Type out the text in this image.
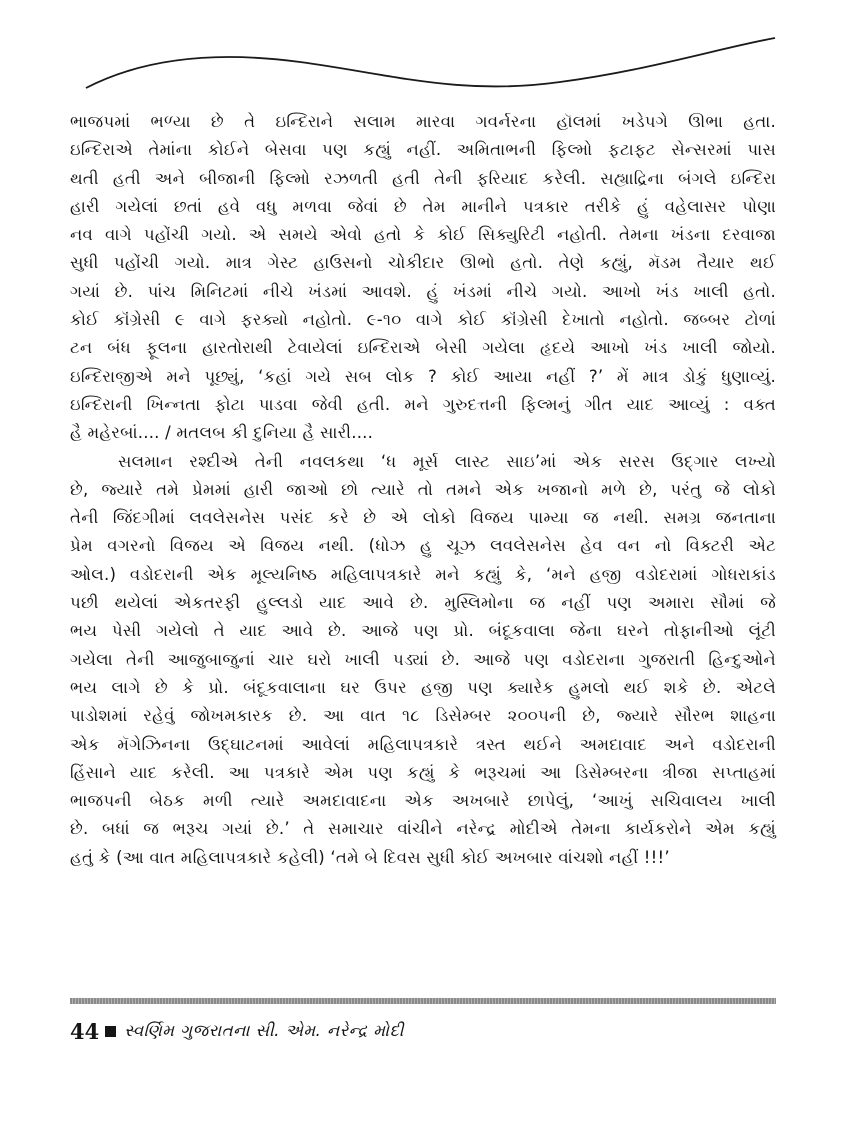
ભાજપમાં ભળ્યા છે તે ઇન્દિરાને સલામ મારવા ગવર્નરના હૉલમાં ખડેપગે ઊભા હતા.
ઇન્દિરાએ તેમાંના કોઈને બેસવા પણ કહ્યું નહીં. અમિતાભની ફિલ્મો ફટાફટ સેન્સરમાં પાસ
થતી હતી અને બીજાની ફિલ્મો રઝળતી હતી તેની ફરિયાદ કરેલી. સહ્યાદ્રિના બંગલે ઇન્દિરા
હારી ગયેલાં છતાં હવે વધુ મળવા જેવાં છે તેમ માનીને પત્રકાર તરીકે હું વહેલાસર પોણા
નવ વાગે પહોંચી ગયો. એ સમયે એવો હતો કે કોઈ સિક્યુરિટી નહોતી. તેમના ખંડના દરવાજા
સુધી પહોંચી ગયો. માત્ર ગેસ્ટ હાઉસનો ચોકીદાર ઊભો હતો. તેણે કહ્યું, મૅડમ તૈયાર થઈ
ગયાં છે. પાંચ મિનિટમાં નીચે ખંડમાં આવશે. હું ખંડમાં નીચે ગયો. આખો ખંડ ખાલી હતો.
કોઈ કૉંગ્રેસી ૯ વાગે ફરક્યો નહોતો. ૯-૧૦ વાગે કોઈ કૉંગ્રેસી દેખાતો નહોતો. જબ્બર ટોળાં
ટન બંધ ફૂલના હારતોરાથી ટેવાયેલાં ઇન્દિરાએ બેસી ગયેલા હૃદયે આખો ખંડ ખાલી જોયો.
ઇન્દિરાજીએ મને પૂછ્યું, ‘કહાં ગયે સબ લોક ? કોઈ આયા નહીં ?’ મેં માત્ર ડોકું ધુણાવ્યું.
ઇન્દિરાની ખિન્નતા ફોટા પાડવા જેવી હતી. મને ગુરુદત્તની ફિલ્મનું ગીત યાદ આવ્યું : વક્ત
હૈ મહેરબાં.... / મતલબ કી દુનિયા હૈ સારી....
સલમાન રશ્દીએ તેની નવલકથા ‘ધ મૂર્સ લાસ્ટ સાઇ’માં એક સરસ ઉદ્‌ગાર લખ્યો
છે, જ્યારે તમે પ્રેમમાં હારી જાઓ છો ત્યારે તો તમને એક ખજાનો મળે છે, પરંતુ જે લોકો
તેની જિંદગીમાં લવલેસનેસ પસંદ કરે છે એ લોકો વિજય પામ્યા જ નથી. સમગ્ર જનતાના
પ્રેમ વગરનો વિજય એ વિજય નથી. (ધોઝ હુ ચૂઝ લવલેસનેસ હેવ વન નો વિક્ટરી એટ
ઓલ.) વડોદરાની એક મૂલ્યનિષ્ઠ મહિલાપત્રકારે મને કહ્યું કે, ‘મને હજી વડોદરામાં ગોધરાકાંડ
પછી થયેલાં એકતરફી હુલ્લડો યાદ આવે છે. મુસ્લિમોના જ નહીં પણ અમારા સૌમાં જે
ભય પેસી ગયેલો તે યાદ આવે છે. આજે પણ પ્રો. બંદૂકવાલા જેના ઘરને તોફાનીઓ લૂંટી
ગયેલા તેની આજુબાજુનાં ચાર ઘરો ખાલી પડ્યાં છે. આજે પણ વડોદરાના ગુજરાતી હિન્દુઓને
ભય લાગે છે કે પ્રો. બંદૂકવાલાના ઘર ઉપર હજી પણ ક્યારેક હુમલો થઈ શકે છે. એટલે
પાડોશમાં રહેવું જોખમકારક છે. આ વાત ૧૮ ડિસેમ્બર ૨૦૦૫ની છે, જ્યારે સૌરભ શાહના
એક મૅગેઝિનના ઉદ્‌ઘાટનમાં આવેલાં મહિલાપત્રકારે ત્રસ્ત થઈને અમદાવાદ અને વડોદરાની
હિંસાને યાદ કરેલી. આ પત્રકારે એમ પણ કહ્યું કે ભરૂચમાં આ ડિસેમ્બરના ત્રીજા સપ્તાહમાં
ભાજપની બેઠક મળી ત્યારે અમદાવાદના એક અખબારે છાપેલું, ‘આખું સચિવાલય ખાલી
છે. બધાં જ ભરૂચ ગયાં છે.’ તે સમાચાર વાંચીને નરેન્દ્ર મોદીએ તેમના કાર્યકરોને એમ કહ્યું
હતું કે (આ વાત મહિલાપત્રકારે કહેલી) ‘તમે બે દિવસ સુધી કોઈ અખબાર વાંચશો નહીં !!!’
44 સ્વર્ણિમ ગુજરાતના સી. એમ. નરેન્દ્ર મોદી
